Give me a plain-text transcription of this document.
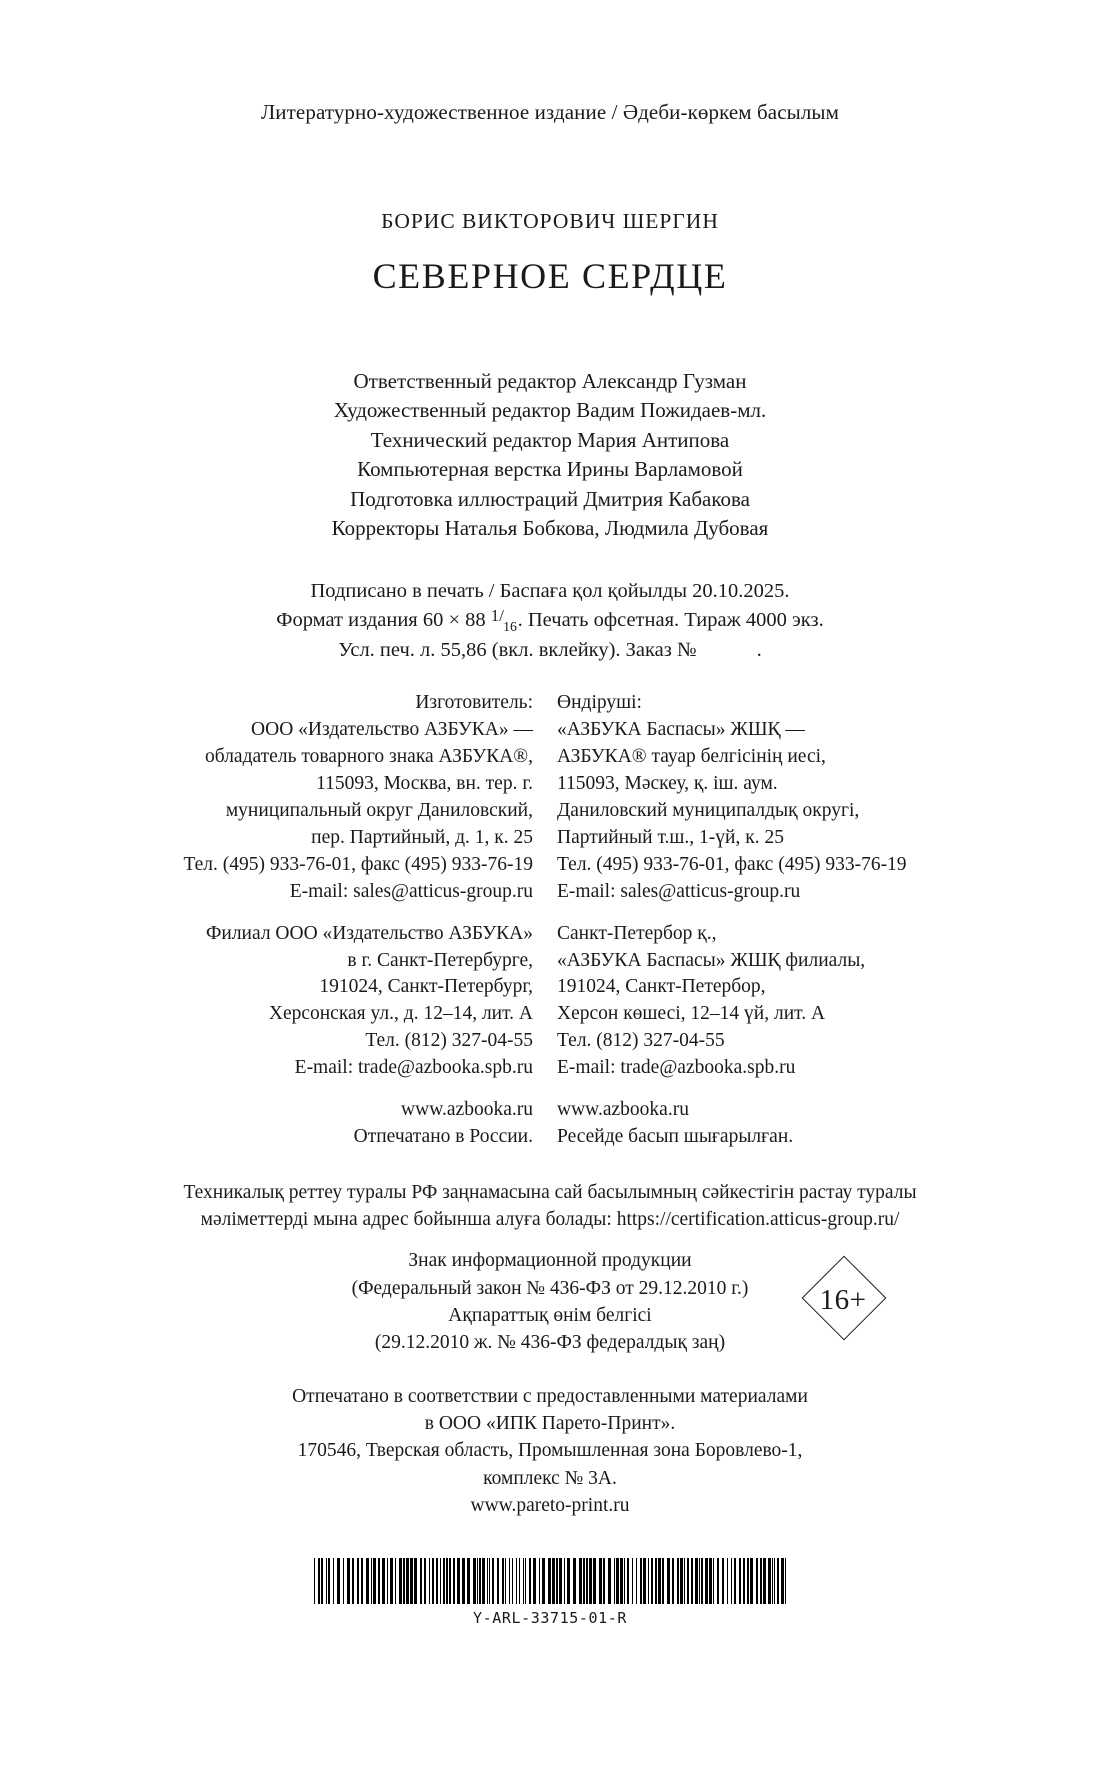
Литературно-художественное издание / Әдеби-көркем басылым
БОРИС ВИКТОРОВИЧ ШЕРГИН
СЕВЕРНОЕ СЕРДЦЕ
Ответственный редактор Александр Гузман
Художественный редактор Вадим Пожидаев-мл.
Технический редактор Мария Антипова
Компьютерная верстка Ирины Варламовой
Подготовка иллюстраций Дмитрия Кабакова
Корректоры Наталья Бобкова, Людмила Дубовая
Подписано в печать / Баспаға қол қойылды 20.10.2025.
Формат издания 60 × 88 $1/_{16}$. Печать офсетная. Тираж 4000 экз.
Усл. печ. л. 55,86 (вкл. вклейку). Заказ №	.
Изготовитель:
ООО «Издательство АЗБУКА» —
обладатель товарного знака АЗБУКА®,
115093, Москва, вн. тер. г.
муниципальный округ Даниловский,
пер. Партийный, д. 1, к. 25
Тел. (495) 933-76-01, факс (495) 933-76-19
E-mail: sales@atticus-group.ru
Филиал ООО «Издательство АЗБУКА»
в г. Санкт-Петербурге,
191024, Санкт-Петербург,
Херсонская ул., д. 12–14, лит. А
Тел. (812) 327-04-55
E-mail: trade@azbooka.spb.ru
www.azbooka.ru
Отпечатано в России.
Өндіруші:
«АЗБУКА Баспасы» ЖШҚ —
АЗБУКА® тауар белгісінің иесі,
115093, Мәскеу, қ. іш. аум.
Даниловский муниципалдық округі,
Партийный т.ш., 1-үй, к. 25
Тел. (495) 933-76-01, факс (495) 933-76-19
E-mail: sales@atticus-group.ru
Санкт-Петербор қ.,
«АЗБУКА Баспасы» ЖШҚ филиалы,
191024, Санкт-Петербор,
Херсон көшесі, 12–14 үй, лит. А
Тел. (812) 327-04-55
E-mail: trade@azbooka.spb.ru
www.azbooka.ru
Ресейде басып шығарылған.
Техникалық реттеу туралы РФ заңнамасына сай басылымның сәйкестігін растау туралы
мәліметтерді мына адрес бойынша алуға болады: https://certification.atticus-group.ru/
Знак информационной продукции
(Федеральный закон № 436-ФЗ от 29.12.2010 г.)
Ақпараттық өнім белгісі
(29.12.2010 ж. № 436-ФЗ федералдық заң)
16+
Отпечатано в соответствии с предоставленными материалами
в ООО «ИПК Парето-Принт».
170546, Тверская область, Промышленная зона Боровлево-1,
комплекс № 3А.
www.pareto-print.ru
Y-ARL-33715-01-R
